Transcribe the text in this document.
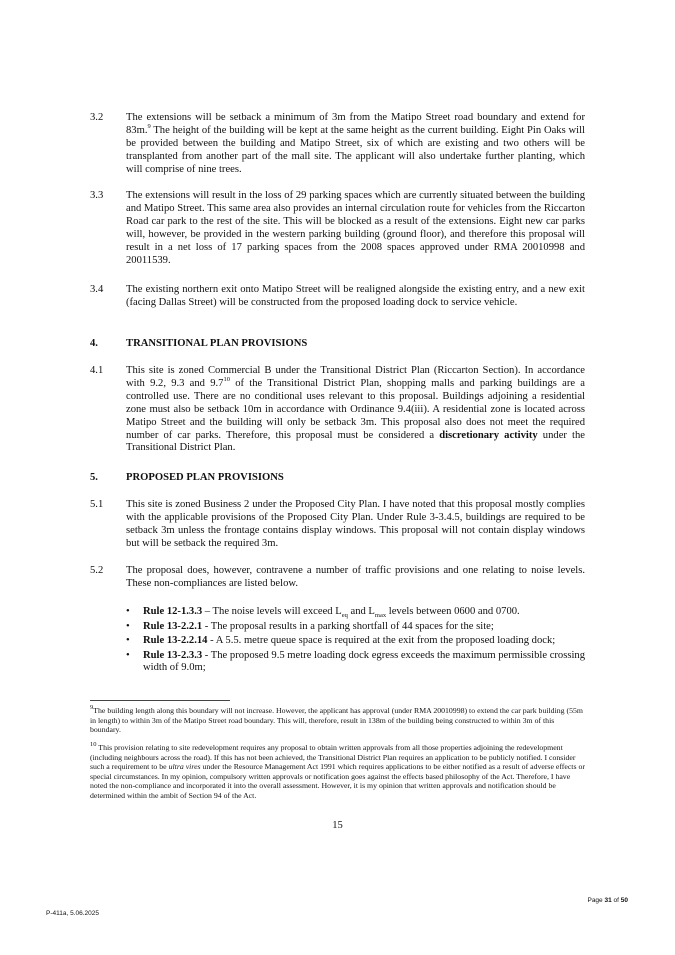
3.2 The extensions will be setback a minimum of 3m from the Matipo Street road boundary and extend for 83m.$^9$ The height of the building will be kept at the same height as the current building. Eight Pin Oaks will be provided between the building and Matipo Street, six of which are existing and two others will be transplanted from another part of the mall site. The applicant will also undertake further planting, which will comprise of nine trees.
3.3 The extensions will result in the loss of 29 parking spaces which are currently situated between the building and Matipo Street. This same area also provides an internal circulation route for vehicles from the Riccarton Road car park to the rest of the site. This will be blocked as a result of the extensions. Eight new car parks will, however, be provided in the western parking building (ground floor), and therefore this proposal will result in a net loss of 17 parking spaces from the 2008 spaces approved under RMA 20010998 and 20011539.
3.4 The existing northern exit onto Matipo Street will be realigned alongside the existing entry, and a new exit (facing Dallas Street) will be constructed from the proposed loading dock to service vehicle.
4.	TRANSITIONAL PLAN PROVISIONS
4.1 This site is zoned Commercial B under the Transitional District Plan (Riccarton Section). In accordance with 9.2, 9.3 and $9.7^{10}$ of the Transitional District Plan, shopping malls and parking buildings are a controlled use. There are no conditional uses relevant to this proposal. Buildings adjoining a residential zone must also be setback 10m in accordance with Ordinance 9.4(iii). A residential zone is located across Matipo Street and the building will only be setback 3m. This proposal also does not meet the required number of car parks. Therefore, this proposal must be considered a discretionary activity under the Transitional District Plan.
5.	PROPOSED PLAN PROVISIONS
5.1 This site is zoned Business 2 under the Proposed City Plan. I have noted that this proposal mostly complies with the applicable provisions of the Proposed City Plan. Under Rule 3-3.4.5, buildings are required to be setback 3m unless the frontage contains display windows. This proposal will not contain display windows but will be setback the required 3m.
5.2 The proposal does, however, contravene a number of traffic provisions and one relating to noise levels. These non-compliances are listed below.
• Rule 12-1.3.3 – The noise levels will exceed $L_{eq}$ and $L_{max}$ levels between 0600 and 0700.
• Rule 13-2.2.1 - The proposal results in a parking shortfall of 44 spaces for the site;
• Rule 13-2.2.14 - A 5.5. metre queue space is required at the exit from the proposed loading dock;
• Rule 13-2.3.3 - The proposed 9.5 metre loading dock egress exceeds the maximum permissible crossing width of 9.0m;
$^9$The building length along this boundary will not increase. However, the applicant has approval (under RMA 20010998) to extend the car park building (55m in length) to within 3m of the Matipo Street road boundary. This will, therefore, result in 138m of the building being constructed to within 3m of this boundary.
$^{10}$ This provision relating to site redevelopment requires any proposal to obtain written approvals from all those properties adjoining the redevelopment (including neighbours across the road). If this has not been achieved, the Transitional District Plan requires an application to be publicly notified. I consider such a requirement to be ultra vires under the Resource Management Act 1991 which requires applications to be either notified as a result of adverse effects or special circumstances. In my opinion, compulsory written approvals or notification goes against the effects based philosophy of the Act. Therefore, I have noted the non-compliance and incorporated it into the overall assessment. However, it is my opinion that written approvals and notification should be determined within the ambit of Section 94 of the Act.
15
Page 31 of 50
P-411a, 5.06.2025
